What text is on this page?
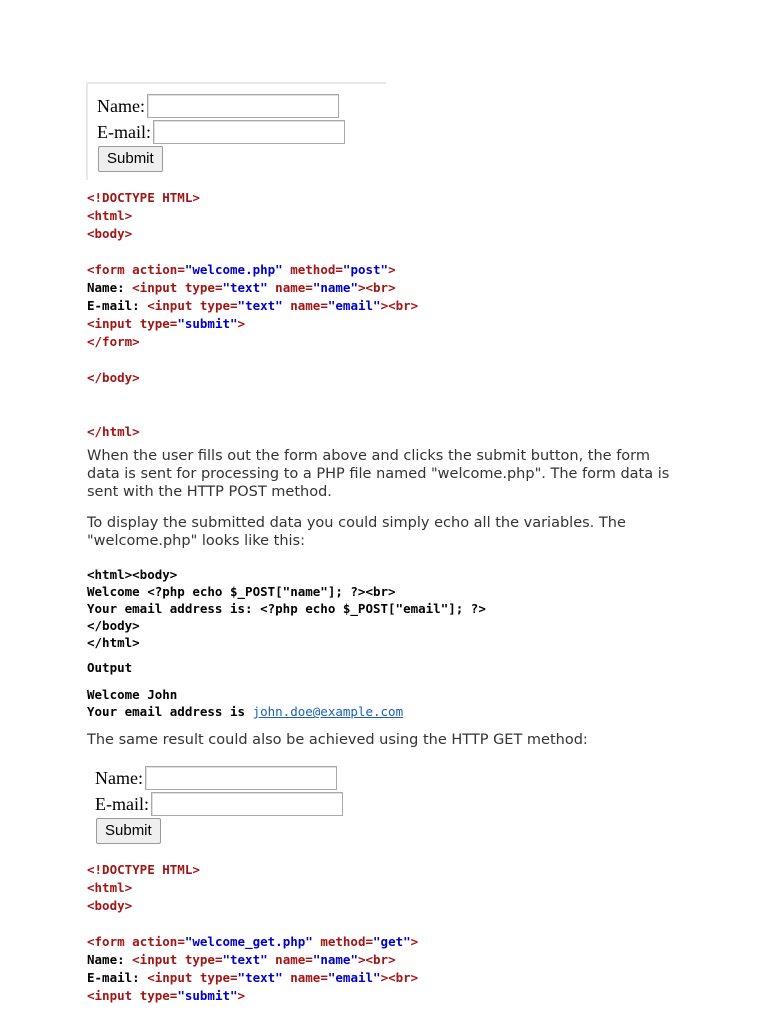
Name:
E-mail:
Submit
<!DOCTYPE HTML>
<html>
<body>

<form action="welcome.php" method="post">
Name: <input type="text" name="name"><br>
E-mail: <input type="text" name="email"><br>
<input type="submit">
</form>

</body>

</html>

When the user fills out the form above and clicks the submit button, the form data is sent for processing to a PHP file named "welcome.php". The form data is sent with the HTTP POST method.

To display the submitted data you could simply echo all the variables. The "welcome.php" looks like this:

<html><body>
Welcome <?php echo $_POST["name"]; ?><br>
Your email address is: <?php echo $_POST["email"]; ?>
</body>
</html>
Output
Welcome John
Your email address is john.doe@example.com

The same result could also be achieved using the HTTP GET method:

Name:
E-mail:
Submit
<!DOCTYPE HTML>
<html>
<body>

<form action="welcome_get.php" method="get">
Name: <input type="text" name="name"><br>
E-mail: <input type="text" name="email"><br>
<input type="submit">
